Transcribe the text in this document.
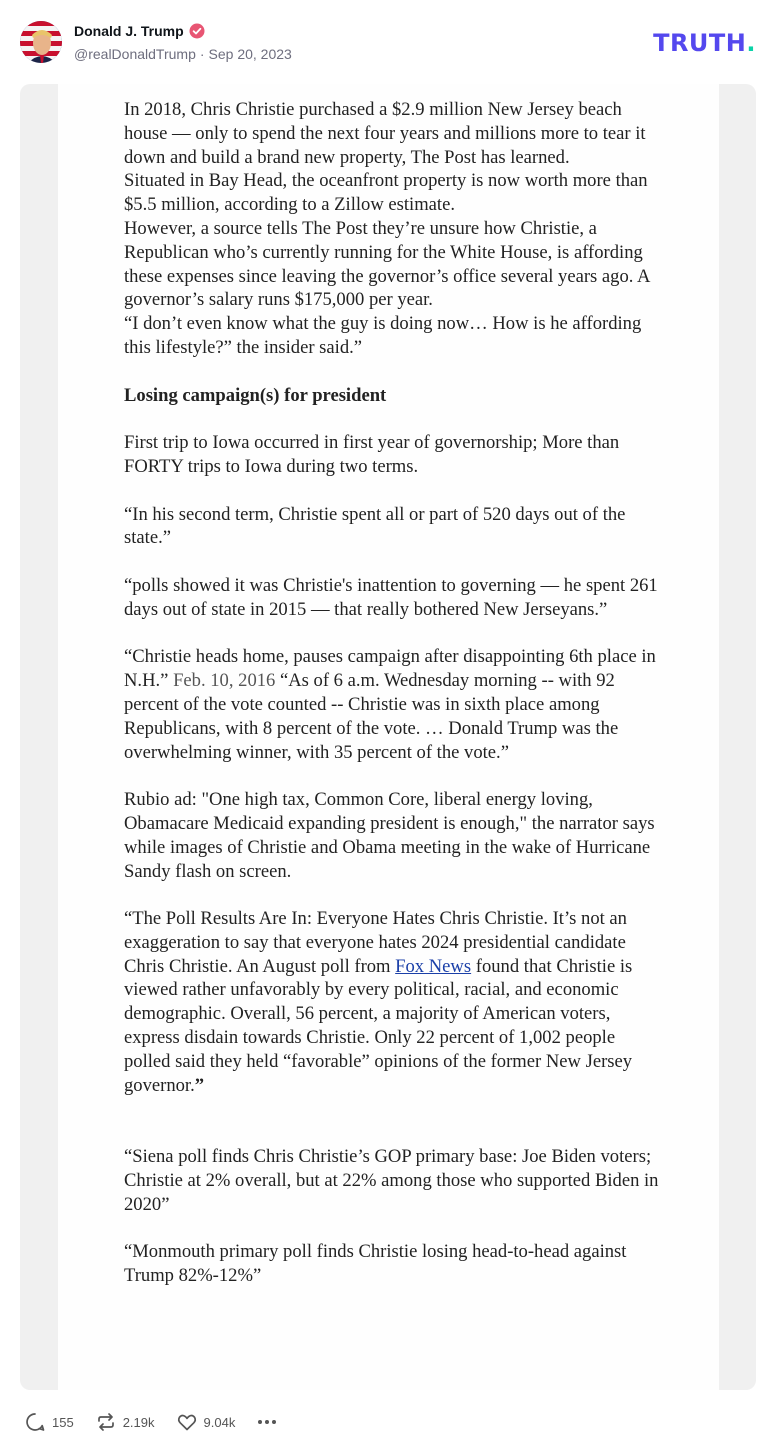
Donald J. Trump
@realDonaldTrump · Sep 20, 2023	TRUTH.

In 2018, Chris Christie purchased a $2.9 million New Jersey beach house — only to spend the next four years and millions more to tear it down and build a brand new property, The Post has learned.

Situated in Bay Head, the oceanfront property is now worth more than $5.5 million, according to a Zillow estimate.

However, a source tells The Post they’re unsure how Christie, a Republican who’s currently running for the White House, is affording these expenses since leaving the governor’s office several years ago. A governor’s salary runs $175,000 per year.

“I don’t even know what the guy is doing now… How is he affording this lifestyle?” the insider said.”

Losing campaign(s) for president

First trip to Iowa occurred in first year of governorship; More than FORTY trips to Iowa during two terms.

“In his second term, Christie spent all or part of 520 days out of the state.”

“polls showed it was Christie's inattention to governing — he spent 261 days out of state in 2015 — that really bothered New Jerseyans.”

“Christie heads home, pauses campaign after disappointing 6th place in N.H.” Feb. 10, 2016 “As of 6 a.m. Wednesday morning -- with 92 percent of the vote counted -- Christie was in sixth place among Republicans, with 8 percent of the vote. … Donald Trump was the overwhelming winner, with 35 percent of the vote.”

Rubio ad: "One high tax, Common Core, liberal energy loving, Obamacare Medicaid expanding president is enough," the narrator says while images of Christie and Obama meeting in the wake of Hurricane Sandy flash on screen.

“The Poll Results Are In: Everyone Hates Chris Christie. It’s not an exaggeration to say that everyone hates 2024 presidential candidate Chris Christie. An August poll from Fox News found that Christie is viewed rather unfavorably by every political, racial, and economic demographic. Overall, 56 percent, a majority of American voters, express disdain towards Christie. Only 22 percent of 1,002 people polled said they held “favorable” opinions of the former New Jersey governor.”

“Siena poll finds Chris Christie’s GOP primary base: Joe Biden voters; Christie at 2% overall, but at 22% among those who supported Biden in 2020”

“Monmouth primary poll finds Christie losing head-to-head against Trump 82%-12%”

155	2.19k	9.04k
